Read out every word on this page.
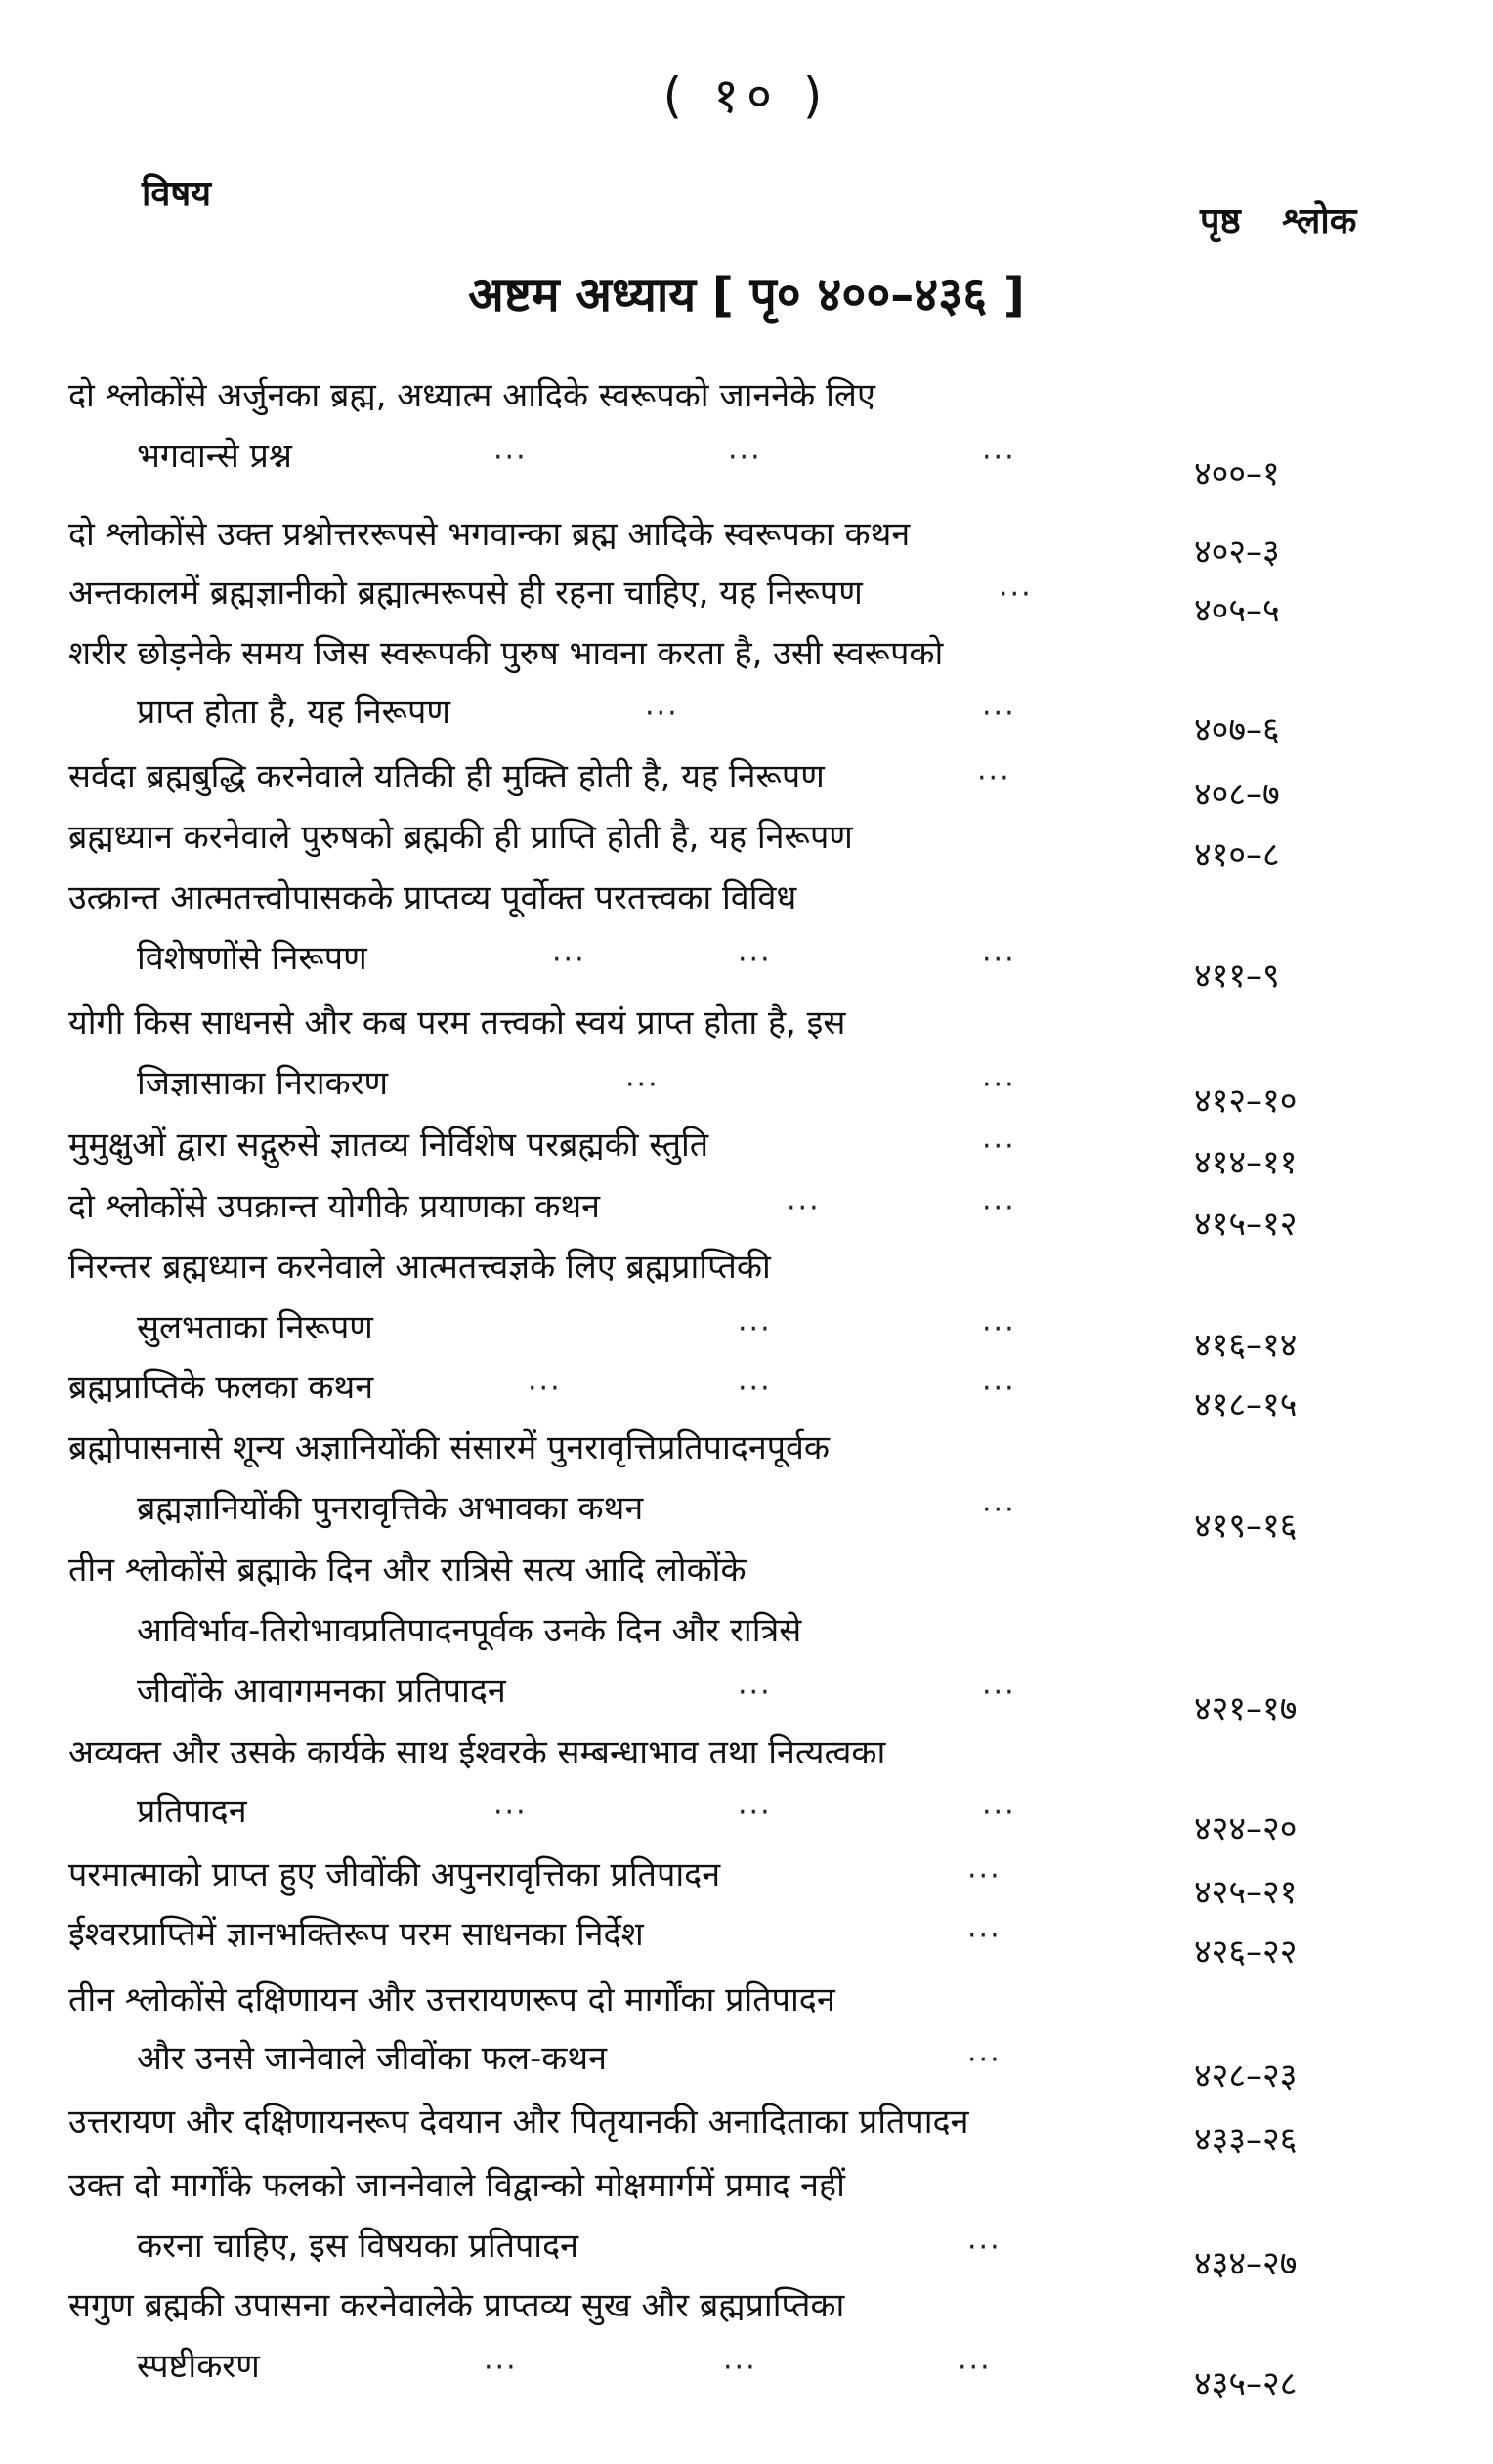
( १० )
विषय
पृष्ठ श्लोक
अष्टम अध्याय [ पृ० ४००–४३६ ]
दो श्लोकोंसे अर्जुनका ब्रह्म, अध्यात्म आदिके स्वरूपको जाननेके लिए
भगवान्से प्रश्न	···	···	···	४००–१
दो श्लोकोंसे उक्त प्रश्नोत्तररूपसे भगवान्का ब्रह्म आदिके स्वरूपका कथन	४०२–३
अन्तकालमें ब्रह्मज्ञानीको ब्रह्मात्मरूपसे ही रहना चाहिए, यह निरूपण	···	४०५–५
शरीर छोड़नेके समय जिस स्वरूपकी पुरुष भावना करता है, उसी स्वरूपको
प्राप्त होता है, यह निरूपण	···	···	४०७–६
सर्वदा ब्रह्मबुद्धि करनेवाले यतिकी ही मुक्ति होती है, यह निरूपण	···	४०८–७
ब्रह्मध्यान करनेवाले पुरुषको ब्रह्मकी ही प्राप्ति होती है, यह निरूपण	४१०–८
उत्क्रान्त आत्मतत्त्वोपासकके प्राप्तव्य पूर्वोक्त परतत्त्वका विविध
विशेषणोंसे निरूपण	···	···	···	४११–९
योगी किस साधनसे और कब परम तत्त्वको स्वयं प्राप्त होता है, इस
जिज्ञासाका निराकरण	···	···	४१२–१०
मुमुक्षुओं द्वारा सद्गुरुसे ज्ञातव्य निर्विशेष परब्रह्मकी स्तुति	···	४१४–११
दो श्लोकोंसे उपक्रान्त योगीके प्रयाणका कथन	···	···	४१५–१२
निरन्तर ब्रह्मध्यान करनेवाले आत्मतत्त्वज्ञके लिए ब्रह्मप्राप्तिकी
सुलभताका निरूपण	···	···	४१६–१४
ब्रह्मप्राप्तिके फलका कथन	···	···	···	४१८–१५
ब्रह्मोपासनासे शून्य अज्ञानियोंकी संसारमें पुनरावृत्तिप्रतिपादनपूर्वक
ब्रह्मज्ञानियोंकी पुनरावृत्तिके अभावका कथन	···	४१९–१६
तीन श्लोकोंसे ब्रह्माके दिन और रात्रिसे सत्य आदि लोकोंके
आविर्भाव-तिरोभावप्रतिपादनपूर्वक उनके दिन और रात्रिसे
जीवोंके आवागमनका प्रतिपादन	···	···	४२१–१७
अव्यक्त और उसके कार्यके साथ ईश्वरके सम्बन्धाभाव तथा नित्यत्वका
प्रतिपादन	···	···	···	४२४–२०
परमात्माको प्राप्त हुए जीवोंकी अपुनरावृत्तिका प्रतिपादन	···	४२५–२१
ईश्वरप्राप्तिमें ज्ञानभक्तिरूप परम साधनका निर्देश	···	४२६–२२
तीन श्लोकोंसे दक्षिणायन और उत्तरायणरूप दो मार्गोंका प्रतिपादन
और उनसे जानेवाले जीवोंका फल-कथन	···	४२८–२३
उत्तरायण और दक्षिणायनरूप देवयान और पितृयानकी अनादिताका प्रतिपादन	४३३–२६
उक्त दो मार्गोंके फलको जाननेवाले विद्वान्को मोक्षमार्गमें प्रमाद नहीं
करना चाहिए, इस विषयका प्रतिपादन	···	४३४–२७
सगुण ब्रह्मकी उपासना करनेवालेके प्राप्तव्य सुख और ब्रह्मप्राप्तिका
स्पष्टीकरण	···	···	···	४३५–२८
